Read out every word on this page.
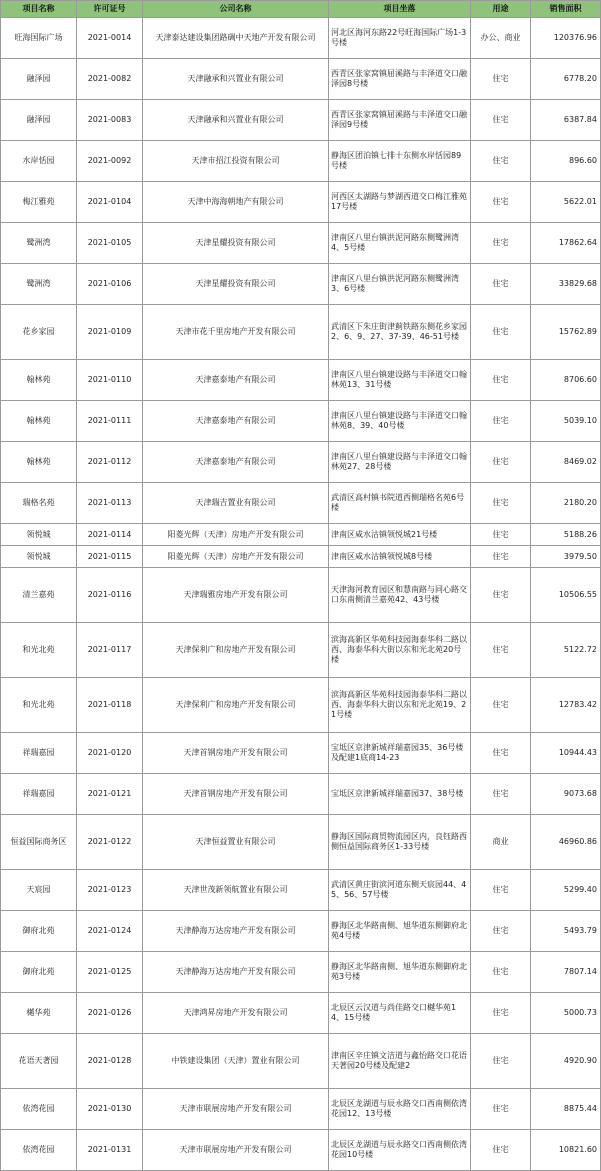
项目名称	许可证号	公司名称	项目坐落	用途	销售面积
旺海国际广场	2021-0014	天津泰达建设集团路碉中天地产开发有限公司	河北区海河东路22号旺海国际广场1-3号楼	办公、商业	120376.96
融泽园	2021-0082	天津融承和兴置业有限公司	西青区张家窝镇屈溪路与丰泽道交口融泽园8号楼	住宅	6778.20
融泽园	2021-0083	天津融承和兴置业有限公司	西青区张家窝镇屈溪路与丰泽道交口融泽园9号楼	住宅	6387.84
水岸恬园	2021-0092	天津市招江投资有限公司	静海区团泊镇七排十东侧水岸恬园89号楼	住宅	896.60
梅江雅苑	2021-0104	天津中海海朝地产有限公司	河西区太湖路与梦湖西道交口梅江雅苑17号楼	住宅	5622.01
鹭洲湾	2021-0105	天津星耀投资有限公司	津南区八里台镇洪泥河路东侧鹭洲湾4、5号楼	住宅	17862.64
鹭洲湾	2021-0106	天津星耀投资有限公司	津南区八里台镇洪泥河路东侧鹭洲湾3、6号楼	住宅	33829.68
花乡家园	2021-0109	天津市花千里房地产开发有限公司	武清区下朱庄街津蓟铁路东侧花乡家园2、6、9、27、37-39、46-51号楼	住宅	15762.89
翰林苑	2021-0110	天津嘉泰地产有限公司	津南区八里台镇建设路与丰泽道交口翰林苑13、31号楼	住宅	8706.60
翰林苑	2021-0111	天津嘉泰地产有限公司	津南区八里台镇建设路与丰泽道交口翰林苑8、39、40号楼	住宅	5039.10
翰林苑	2021-0112	天津嘉泰地产有限公司	津南区八里台镇建设路与丰泽道交口翰林苑27、28号楼	住宅	8469.02
瑞格名苑	2021-0113	天津瑞吉置业有限公司	武清区高村镇书院道西侧瑞格名苑6号楼	住宅	2180.20
领悦城	2021-0114	阳菱光辉（天津）房地产开发有限公司	津南区咸水沽镇领悦城21号楼	住宅	5188.26
领悦城	2021-0115	阳菱光辉（天津）房地产开发有限公司	津南区咸水沽镇领悦城8号楼	住宅	3979.50
清兰嘉苑	2021-0116	天津瑞雅房地产开发有限公司	天津海河教育园区和慧南路与同心路交口东南侧清兰嘉苑42、43号楼	住宅	10506.55
和光北苑	2021-0117	天津保利广和房地产开发有限公司	滨海高新区华苑科技园海泰华科二路以西、海泰华科大街以东和光北苑20号楼	住宅	5122.72
和光北苑	2021-0118	天津保利广和房地产开发有限公司	滨海高新区华苑科技园海泰华科二路以西、海泰华科大街以东和光北苑19、21号楼	住宅	12783.42
祥瑞嘉园	2021-0120	天津首钢房地产开发有限公司	宝坻区京津新城祥瑞嘉园35、36号楼及配建1底商14-23	住宅	10944.43
祥瑞嘉园	2021-0121	天津首钢房地产开发有限公司	宝坻区京津新城祥瑞嘉园37、38号楼	住宅	9073.68
恒益国际商务区	2021-0122	天津恒益置业有限公司	静海区国际商贸物流园区内，良钰路西侧恒益国际商务区1-33号楼	商业	46960.86
天宸园	2021-0123	天津世茂新领航置业有限公司	武清区黄庄街滨河道东侧天宸园44、45、56、57号楼	住宅	5299.40
御府北苑	2021-0124	天津静海万达房地产开发有限公司	静海区北华路南侧、旭华道东侧御府北苑4号楼	住宅	5493.79
御府北苑	2021-0125	天津静海万达房地产开发有限公司	静海区北华路南侧、旭华道东侧御府北苑3号楼	住宅	7807.14
樾华苑	2021-0126	天津鸿昇房地产开发有限公司	北辰区云汉道与尚佳路交口樾华苑14、15号楼	住宅	5000.73
花语天著园	2021-0128	中铁建设集团（天津）置业有限公司	津南区辛庄镇文洁道与鑫怡路交口花语天著园20号楼及配建2	住宅	4920.90
依湾花园	2021-0130	天津市联展房地产开发有限公司	北辰区龙湖道与辰永路交口西南侧依湾花园12、13号楼	住宅	8875.44
依湾花园	2021-0131	天津市联展房地产开发有限公司	北辰区龙湖道与辰永路交口西南侧依湾花园10号楼	住宅	10821.60
